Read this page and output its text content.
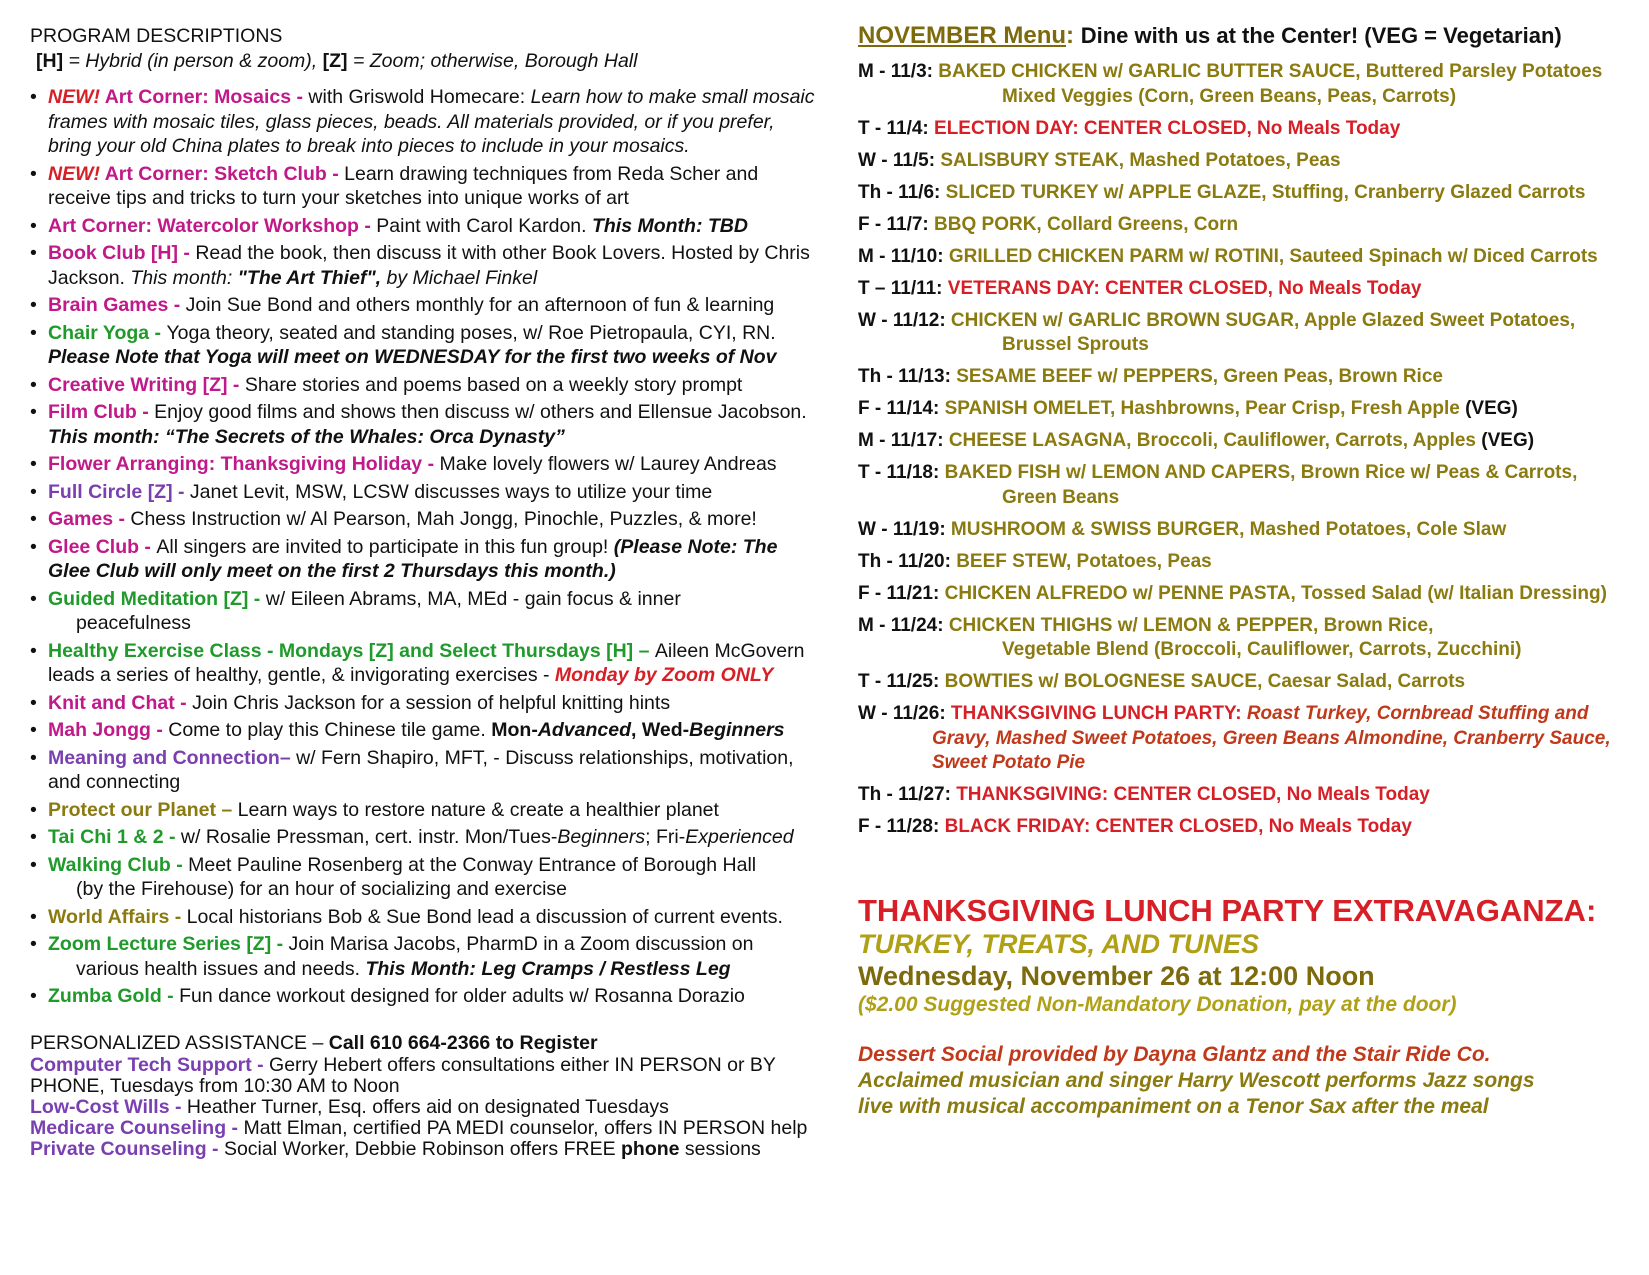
PROGRAM DESCRIPTIONS
[H] = Hybrid (in person & zoom), [Z] = Zoom; otherwise, Borough Hall
• NEW! Art Corner: Mosaics - with Griswold Homecare: Learn how to make small mosaic frames with mosaic tiles, glass pieces, beads. All materials provided, or if you prefer, bring your old China plates to break into pieces to include in your mosaics.
• NEW! Art Corner: Sketch Club - Learn drawing techniques from Reda Scher and receive tips and tricks to turn your sketches into unique works of art
• Art Corner: Watercolor Workshop - Paint with Carol Kardon. This Month: TBD
• Book Club [H] - Read the book, then discuss it with other Book Lovers. Hosted by Chris Jackson. This month: "The Art Thief", by Michael Finkel
• Brain Games - Join Sue Bond and others monthly for an afternoon of fun & learning
• Chair Yoga - Yoga theory, seated and standing poses, w/ Roe Pietropaula, CYI, RN. Please Note that Yoga will meet on WEDNESDAY for the first two weeks of Nov
• Creative Writing [Z] - Share stories and poems based on a weekly story prompt
• Film Club - Enjoy good films and shows then discuss w/ others and Ellensue Jacobson. This month: “The Secrets of the Whales: Orca Dynasty”
• Flower Arranging: Thanksgiving Holiday - Make lovely flowers w/ Laurey Andreas
• Full Circle [Z] - Janet Levit, MSW, LCSW discusses ways to utilize your time
• Games - Chess Instruction w/ Al Pearson, Mah Jongg, Pinochle, Puzzles, & more!
• Glee Club - All singers are invited to participate in this fun group! (Please Note: The Glee Club will only meet on the first 2 Thursdays this month.)
• Guided Meditation [Z] - w/ Eileen Abrams, MA, MEd - gain focus & inner
peacefulness
• Healthy Exercise Class - Mondays [Z] and Select Thursdays [H] – Aileen McGovern leads a series of healthy, gentle, & invigorating exercises - Monday by Zoom ONLY
• Knit and Chat - Join Chris Jackson for a session of helpful knitting hints
• Mah Jongg - Come to play this Chinese tile game. Mon-Advanced, Wed-Beginners
• Meaning and Connection– w/ Fern Shapiro, MFT, - Discuss relationships, motivation, and connecting
• Protect our Planet – Learn ways to restore nature & create a healthier planet
• Tai Chi 1 & 2 - w/ Rosalie Pressman, cert. instr. Mon/Tues-Beginners; Fri-Experienced
• Walking Club - Meet Pauline Rosenberg at the Conway Entrance of Borough Hall
(by the Firehouse) for an hour of socializing and exercise
• World Affairs - Local historians Bob & Sue Bond lead a discussion of current events.
• Zoom Lecture Series [Z] - Join Marisa Jacobs, PharmD in a Zoom discussion on
various health issues and needs. This Month: Leg Cramps / Restless Leg
• Zumba Gold - Fun dance workout designed for older adults w/ Rosanna Dorazio
PERSONALIZED ASSISTANCE – Call 610 664-2366 to Register

Computer Tech Support - Gerry Hebert offers consultations either IN PERSON or BY PHONE, Tuesdays from 10:30 AM to Noon

Low-Cost Wills - Heather Turner, Esq. offers aid on designated Tuesdays

Medicare Counseling - Matt Elman, certified PA MEDI counselor, offers IN PERSON help

Private Counseling - Social Worker, Debbie Robinson offers FREE phone sessions

NOVEMBER Menu: Dine with us at the Center! (VEG = Vegetarian)
M - 11/3: BAKED CHICKEN w/ GARLIC BUTTER SAUCE, Buttered Parsley Potatoes
Mixed Veggies (Corn, Green Beans, Peas, Carrots)
T - 11/4: ELECTION DAY: CENTER CLOSED, No Meals Today
W - 11/5: SALISBURY STEAK, Mashed Potatoes, Peas
Th - 11/6: SLICED TURKEY w/ APPLE GLAZE, Stuffing, Cranberry Glazed Carrots
F - 11/7: BBQ PORK, Collard Greens, Corn
M - 11/10: GRILLED CHICKEN PARM w/ ROTINI, Sauteed Spinach w/ Diced Carrots
T – 11/11: VETERANS DAY: CENTER CLOSED, No Meals Today
W - 11/12: CHICKEN w/ GARLIC BROWN SUGAR, Apple Glazed Sweet Potatoes,
Brussel Sprouts
Th - 11/13: SESAME BEEF w/ PEPPERS, Green Peas, Brown Rice
F - 11/14: SPANISH OMELET, Hashbrowns, Pear Crisp, Fresh Apple (VEG)
M - 11/17: CHEESE LASAGNA, Broccoli, Cauliflower, Carrots, Apples (VEG)
T - 11/18: BAKED FISH w/ LEMON AND CAPERS, Brown Rice w/ Peas & Carrots,
Green Beans
W - 11/19: MUSHROOM & SWISS BURGER, Mashed Potatoes, Cole Slaw
Th - 11/20: BEEF STEW, Potatoes, Peas
F - 11/21: CHICKEN ALFREDO w/ PENNE PASTA, Tossed Salad (w/ Italian Dressing)
M - 11/24: CHICKEN THIGHS w/ LEMON & PEPPER, Brown Rice,
Vegetable Blend (Broccoli, Cauliflower, Carrots, Zucchini)
T - 11/25: BOWTIES w/ BOLOGNESE SAUCE, Caesar Salad, Carrots
W - 11/26: THANKSGIVING LUNCH PARTY: Roast Turkey, Cornbread Stuffing and
Gravy, Mashed Sweet Potatoes, Green Beans Almondine, Cranberry Sauce,
Sweet Potato Pie
Th - 11/27: THANKSGIVING: CENTER CLOSED, No Meals Today
F - 11/28: BLACK FRIDAY: CENTER CLOSED, No Meals Today
THANKSGIVING LUNCH PARTY EXTRAVAGANZA:
TURKEY, TREATS, AND TUNES
Wednesday, November 26 at 12:00 Noon
($2.00 Suggested Non-Mandatory Donation, pay at the door)
Dessert Social provided by Dayna Glantz and the Stair Ride Co.
Acclaimed musician and singer Harry Wescott performs Jazz songs
live with musical accompaniment on a Tenor Sax after the meal
